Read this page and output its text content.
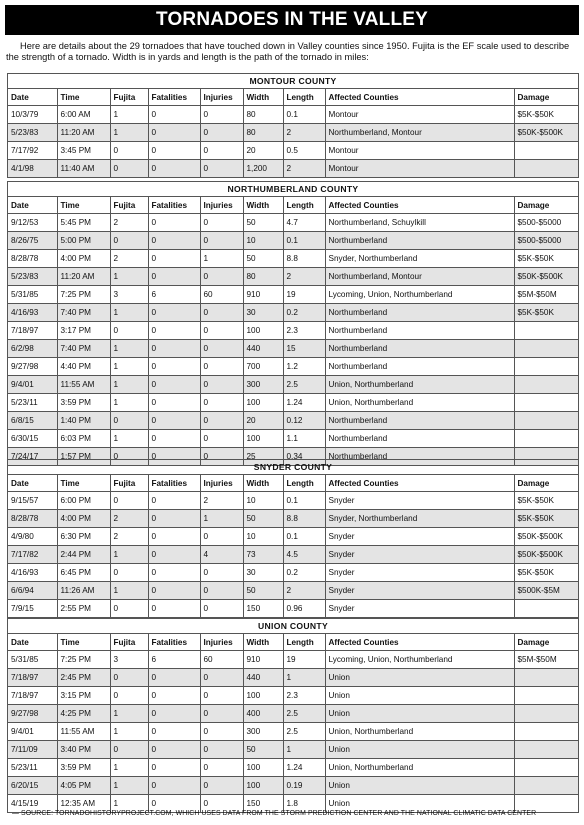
TORNADOES IN THE VALLEY
Here are details about the 29 tornadoes that have touched down in Valley counties since 1950. Fujita is the EF scale used to describe the strength of a tornado. Width is in yards and length is the path of the tornado in miles:
MONTOUR COUNTY
Date	Time	Fujita	Fatalities	Injuries	Width	Length	Affected Counties	Damage
10/3/79	6:00 AM	1	0	0	80	0.1	Montour	$5K-$50K
5/23/83	11:20 AM	1	0	0	80	2	Northumberland, Montour	$50K-$500K
7/17/92	3:45 PM	0	0	0	20	0.5	Montour	
4/1/98	11:40 AM	0	0	0	1,200	2	Montour	
NORTHUMBERLAND COUNTY
Date	Time	Fujita	Fatalities	Injuries	Width	Length	Affected Counties	Damage
9/12/53	5:45 PM	2	0	0	50	4.7	Northumberland, Schuylkill	$500-$5000
8/26/75	5:00 PM	0	0	0	10	0.1	Northumberland	$500-$5000
8/28/78	4:00 PM	2	0	1	50	8.8	Snyder, Northumberland	$5K-$50K
5/23/83	11:20 AM	1	0	0	80	2	Northumberland, Montour	$50K-$500K
5/31/85	7:25 PM	3	6	60	910	19	Lycoming, Union, Northumberland	$5M-$50M
4/16/93	7:40 PM	1	0	0	30	0.2	Northumberland	$5K-$50K
7/18/97	3:17 PM	0	0	0	100	2.3	Northumberland	
6/2/98	7:40 PM	1	0	0	440	15	Northumberland	
9/27/98	4:40 PM	1	0	0	700	1.2	Northumberland	
9/4/01	11:55 AM	1	0	0	300	2.5	Union, Northumberland	
5/23/11	3:59 PM	1	0	0	100	1.24	Union, Northumberland	
6/8/15	1:40 PM	0	0	0	20	0.12	Northumberland	
6/30/15	6:03 PM	1	0	0	100	1.1	Northumberland	
7/24/17	1:57 PM	0	0	0	25	0.34	Northumberland	
SNYDER COUNTY
Date	Time	Fujita	Fatalities	Injuries	Width	Length	Affected Counties	Damage
9/15/57	6:00 PM	0	0	2	10	0.1	Snyder	$5K-$50K
8/28/78	4:00 PM	2	0	1	50	8.8	Snyder, Northumberland	$5K-$50K
4/9/80	6:30 PM	2	0	0	10	0.1	Snyder	$50K-$500K
7/17/82	2:44 PM	1	0	4	73	4.5	Snyder	$50K-$500K
4/16/93	6:45 PM	0	0	0	30	0.2	Snyder	$5K-$50K
6/6/94	11:26 AM	1	0	0	50	2	Snyder	$500K-$5M
7/9/15	2:55 PM	0	0	0	150	0.96	Snyder	
UNION COUNTY
Date	Time	Fujita	Fatalities	Injuries	Width	Length	Affected Counties	Damage
5/31/85	7:25 PM	3	6	60	910	19	Lycoming, Union, Northumberland	$5M-$50M
7/18/97	2:45 PM	0	0	0	440	1	Union	
7/18/97	3:15 PM	0	0	0	100	2.3	Union	
9/27/98	4:25 PM	1	0	0	400	2.5	Union	
9/4/01	11:55 AM	1	0	0	300	2.5	Union, Northumberland	
7/11/09	3:40 PM	0	0	0	50	1	Union	
5/23/11	3:59 PM	1	0	0	100	1.24	Union, Northumberland	
6/20/15	4:05 PM	1	0	0	100	0.19	Union	
4/15/19	12:35 AM	1	0	0	150	1.8	Union	
— SOURCE: TORNADOHISTORYPROJECT.COM, WHICH USES DATA FROM THE STORM PREDICTION CENTER AND THE NATIONAL CLIMATIC DATA CENTER
